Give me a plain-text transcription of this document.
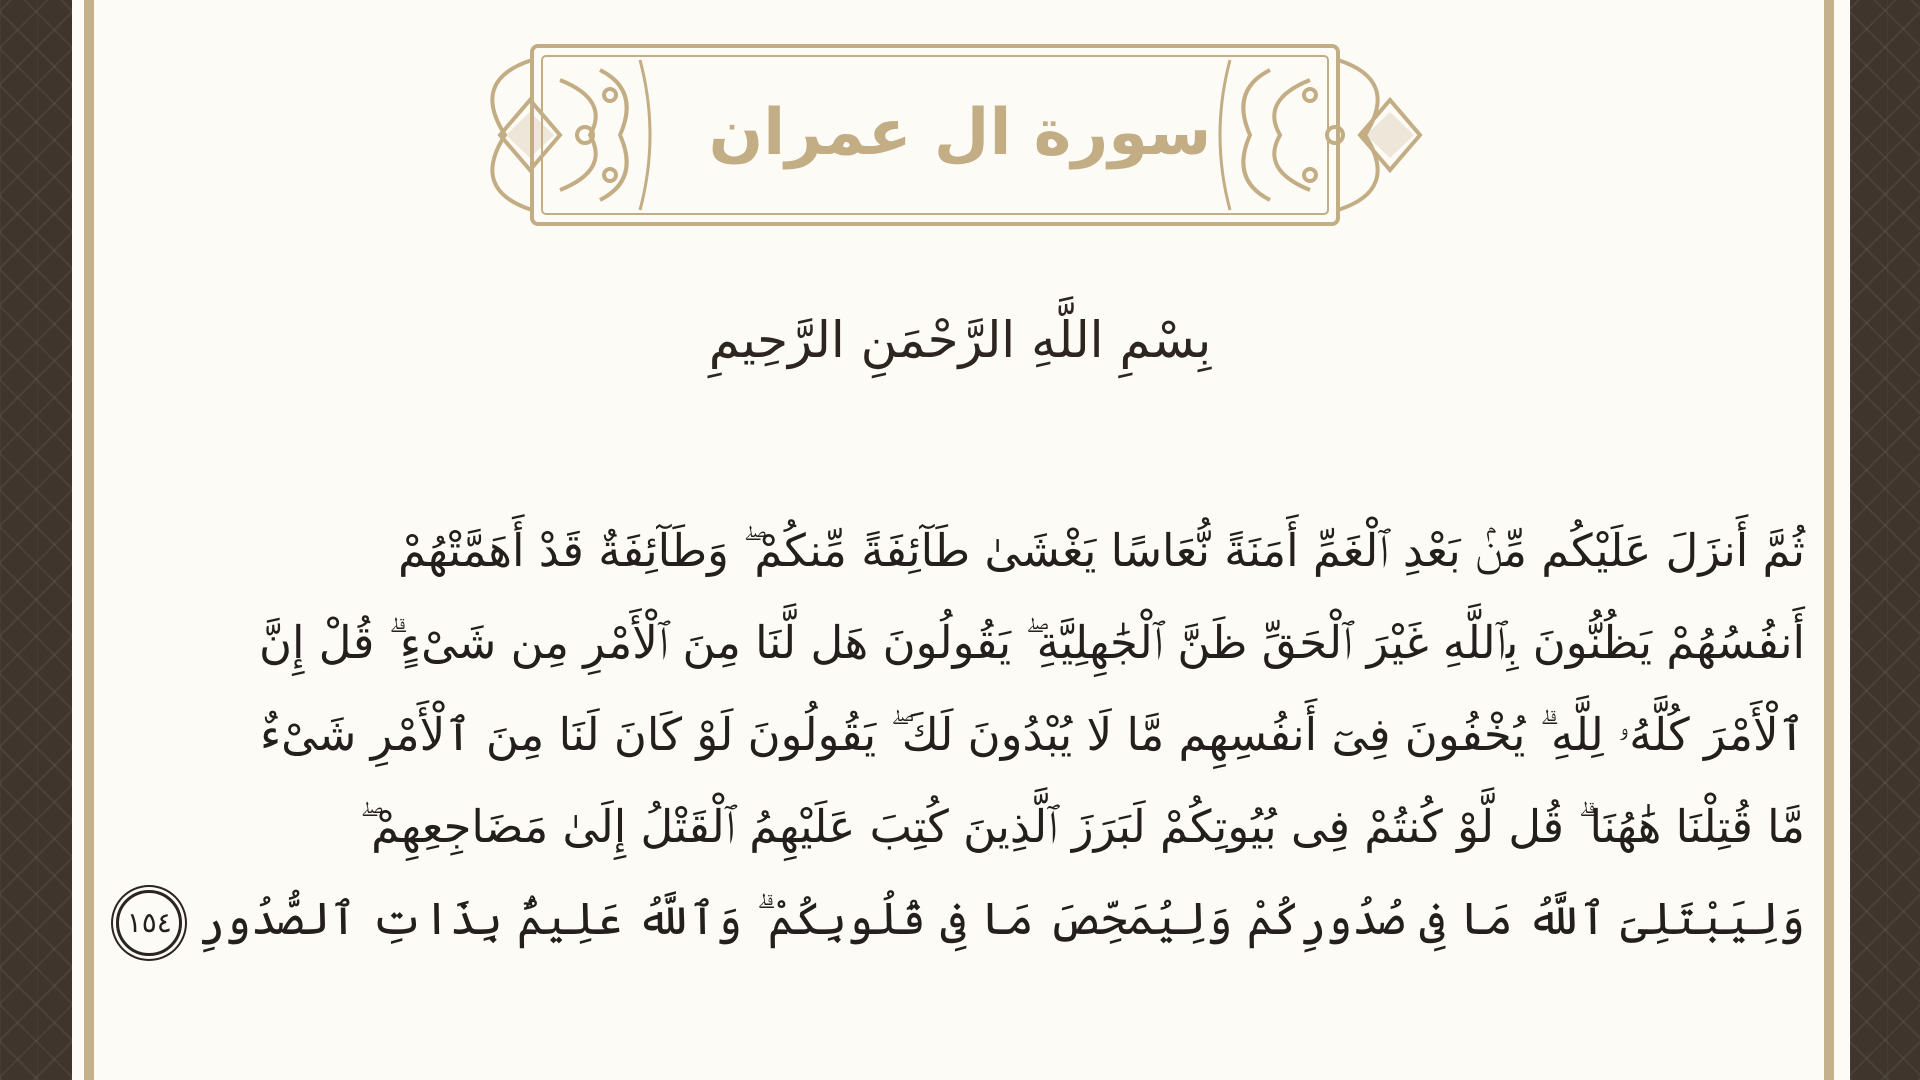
سورة ال عمران
بِسْمِ اللَّهِ الرَّحْمَنِ الرَّحِيمِ
ثُمَّ أَنزَلَ عَلَيْكُم مِّنۢ بَعْدِ ٱلْغَمِّ أَمَنَةً نُّعَاسًا يَغْشَىٰ طَآئِفَةً مِّنكُمْ ۖ وَطَآئِفَةٌ قَدْ أَهَمَّتْهُمْ
أَنفُسُهُمْ يَظُنُّونَ بِٱللَّهِ غَيْرَ ٱلْحَقِّ ظَنَّ ٱلْجَٰهِلِيَّةِ ۖ يَقُولُونَ هَل لَّنَا مِنَ ٱلْأَمْرِ مِن شَىْءٍ ۗ قُلْ إِنَّ
ٱلْأَمْرَ كُلَّهُۥ لِلَّهِ ۗ يُخْفُونَ فِىٓ أَنفُسِهِم مَّا لَا يُبْدُونَ لَكَ ۖ يَقُولُونَ لَوْ كَانَ لَنَا مِنَ ٱلْأَمْرِ شَىْءٌ
مَّا قُتِلْنَا هَٰهُنَا ۗ قُل لَّوْ كُنتُمْ فِى بُيُوتِكُمْ لَبَرَزَ ٱلَّذِينَ كُتِبَ عَلَيْهِمُ ٱلْقَتْلُ إِلَىٰ مَضَاجِعِهِمْ ۖ
وَلِيَبْتَلِىَ ٱللَّهُ مَا فِى صُدُورِكُمْ وَلِيُمَحِّصَ مَا فِى قُلُوبِكُمْ ۗ وَٱللَّهُ عَلِيمٌۢ بِذَاتِ ٱلصُّدُورِ١٥٤
